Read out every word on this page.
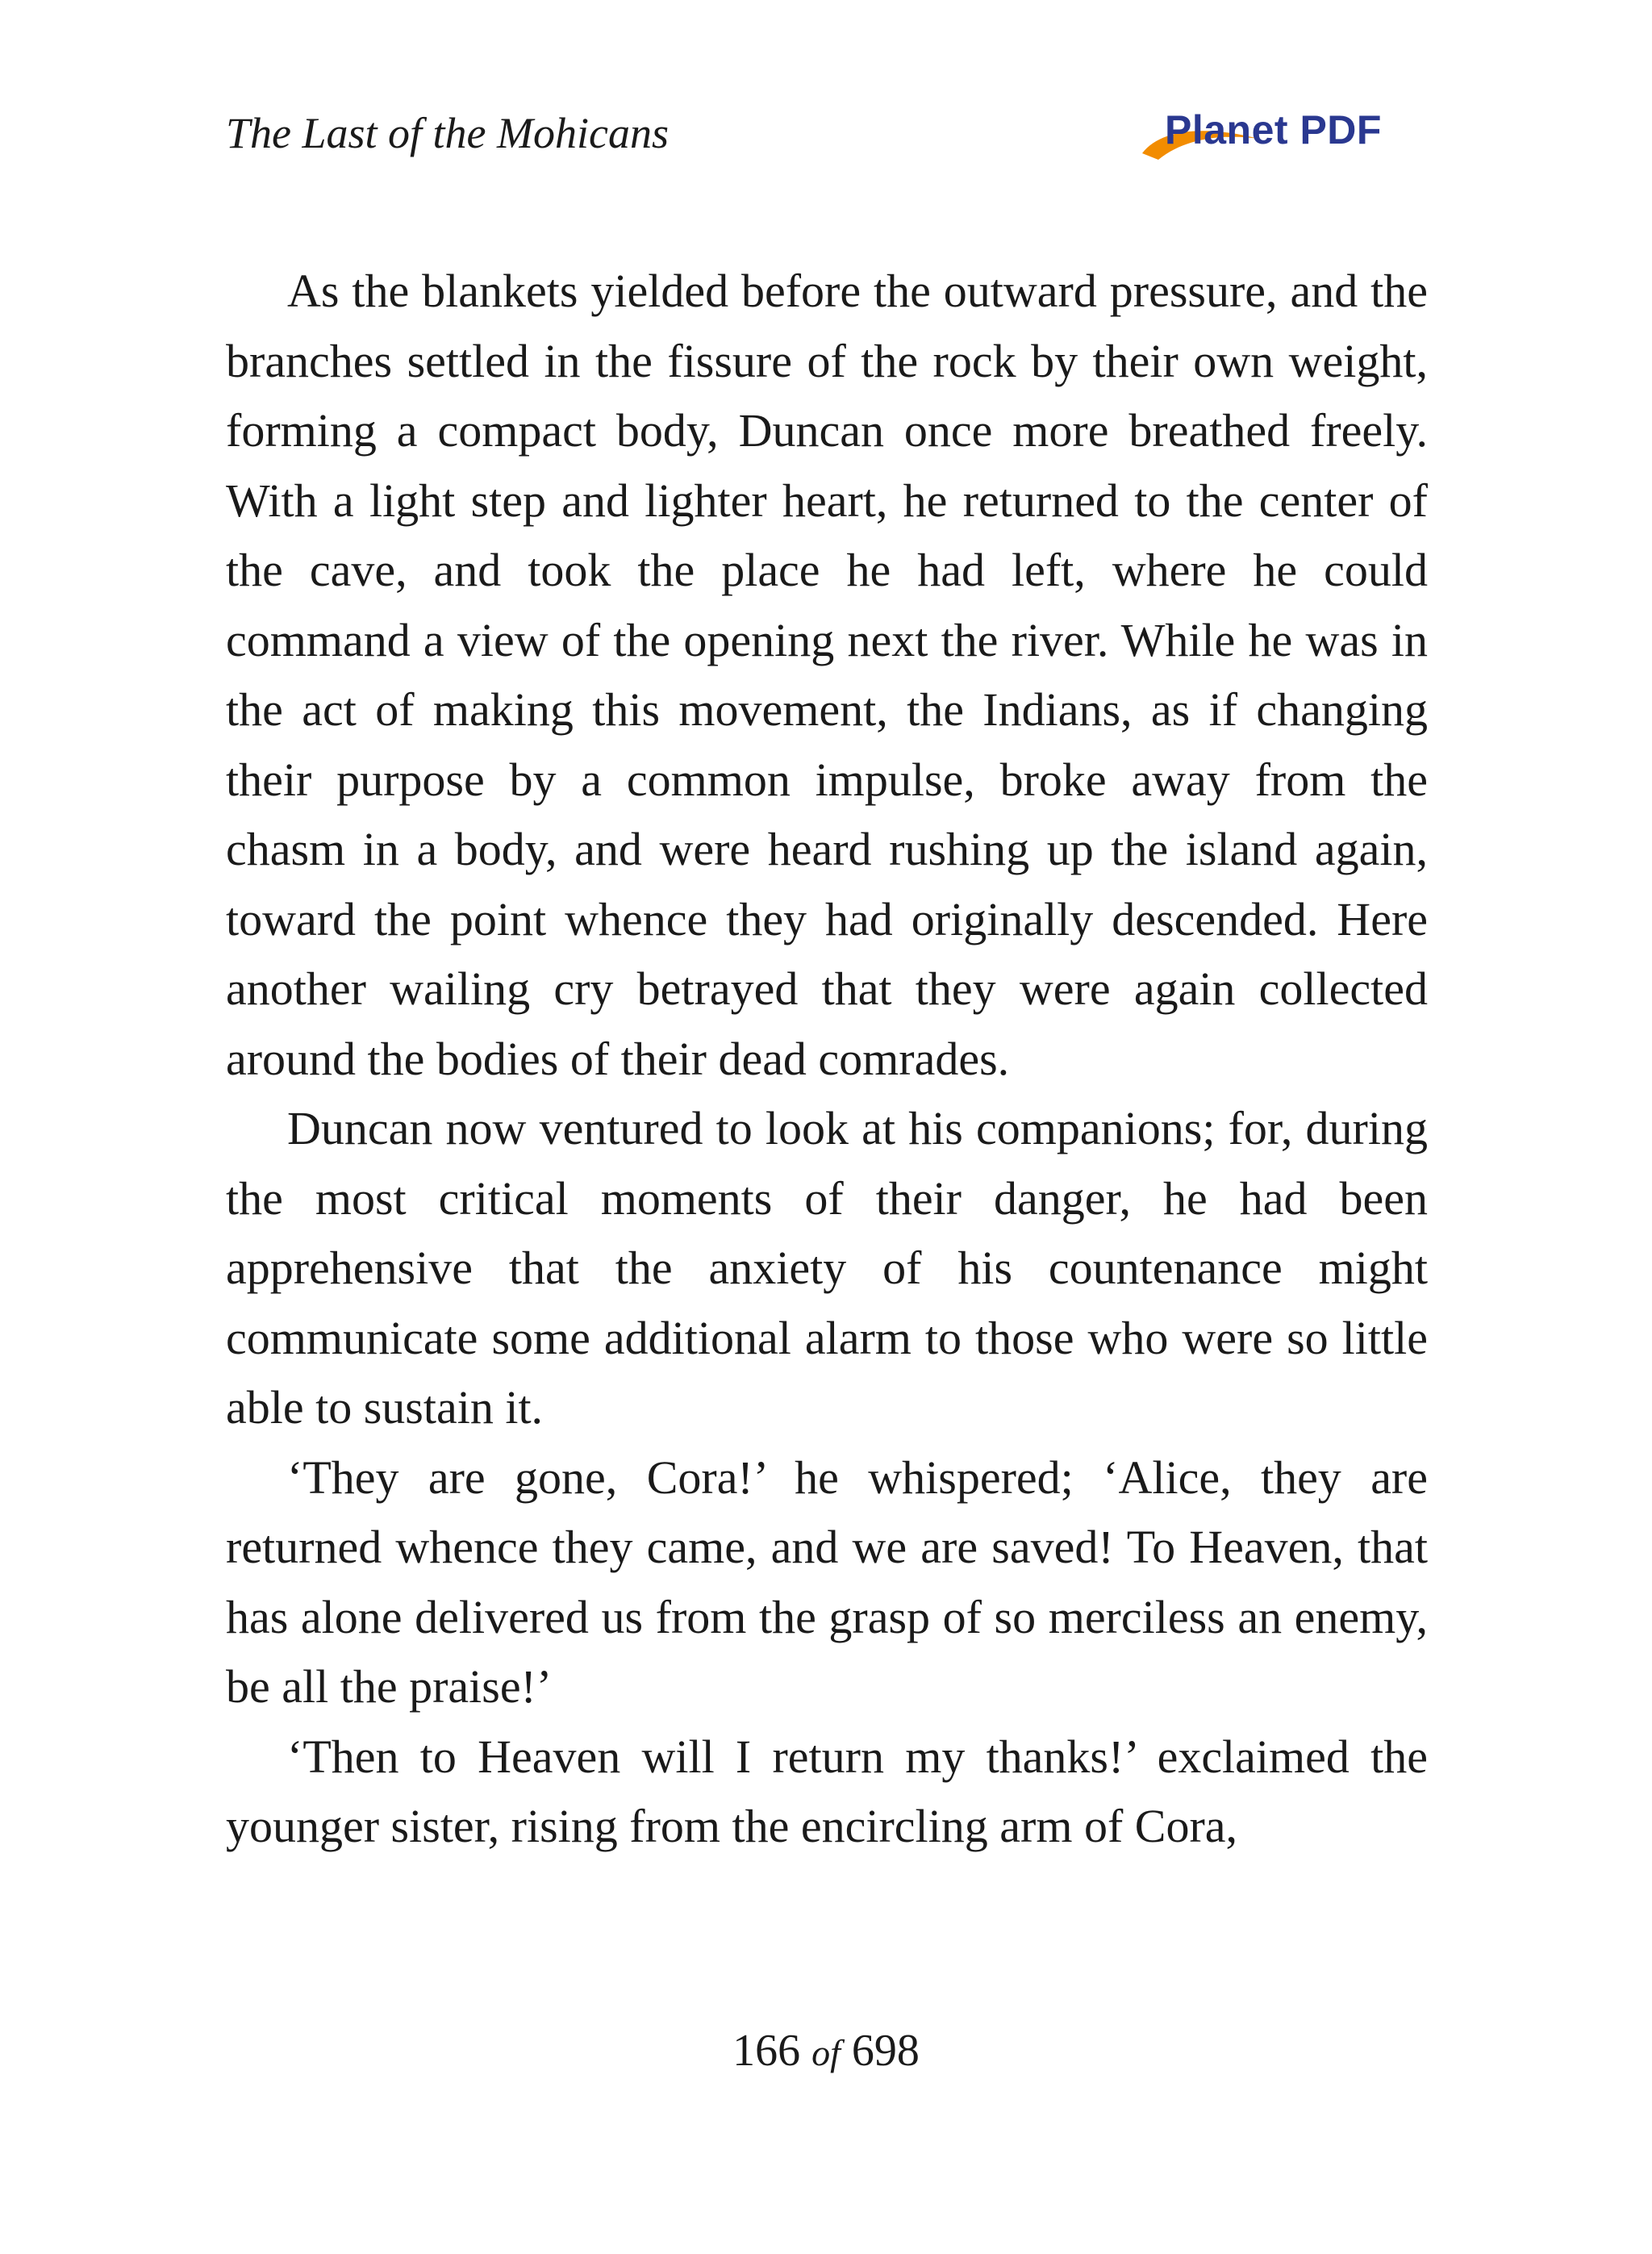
The Last of the Mohicans	Planet PDF

As the blankets yielded before the outward pressure, and the branches settled in the fissure of the rock by their own weight, forming a compact body, Duncan once more breathed freely. With a light step and lighter heart, he returned to the center of the cave, and took the place he had left, where he could command a view of the opening next the river. While he was in the act of making this movement, the Indians, as if changing their purpose by a common impulse, broke away from the chasm in a body, and were heard rushing up the island again, toward the point whence they had originally descended. Here another wailing cry betrayed that they were again collected around the bodies of their dead comrades.

Duncan now ventured to look at his companions; for, during the most critical moments of their danger, he had been apprehensive that the anxiety of his countenance might communicate some additional alarm to those who were so little able to sustain it.

‘They are gone, Cora!’ he whispered; ‘Alice, they are returned whence they came, and we are saved! To Heaven, that has alone delivered us from the grasp of so merciless an enemy, be all the praise!’

‘Then to Heaven will I return my thanks!’ exclaimed the younger sister, rising from the encircling arm of Cora,

166 of 698
